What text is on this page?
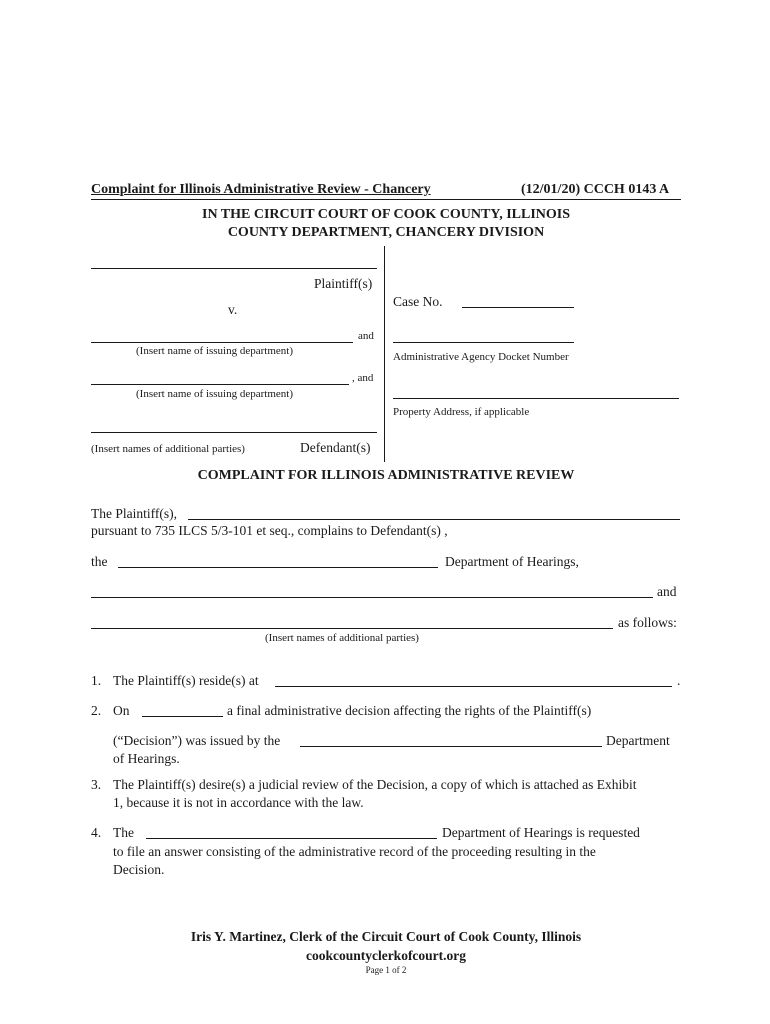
Complaint for Illinois Administrative Review - Chancery	(12/01/20) CCCH 0143 A
IN THE CIRCUIT COURT OF COOK COUNTY, ILLINOIS
COUNTY DEPARTMENT, CHANCERY DIVISION
Plaintiff(s)
v.
and
(Insert name of issuing department)
, and
(Insert name of issuing department)
(Insert names of additional parties)	Defendant(s)
Case No.
Administrative Agency Docket Number
Property Address, if applicable
COMPLAINT FOR ILLINOIS ADMINISTRATIVE REVIEW
The Plaintiff(s),
pursuant to 735 ILCS 5/3-101 et seq., complains to Defendant(s) ,
the	Department of Hearings,
and
as follows:
(Insert names of additional parties)
1. The Plaintiff(s) reside(s) at	.
2. On	a final administrative decision affecting the rights of the Plaintiff(s)
(“Decision”) was issued by the	Department
of Hearings.
3. The Plaintiff(s) desire(s) a judicial review of the Decision, a copy of which is attached as Exhibit
1, because it is not in accordance with the law.
4. The	Department of Hearings is requested
to file an answer consisting of the administrative record of the proceeding resulting in the
Decision.
Iris Y. Martinez, Clerk of the Circuit Court of Cook County, Illinois
cookcountyclerkofcourt.org
Page 1 of 2
